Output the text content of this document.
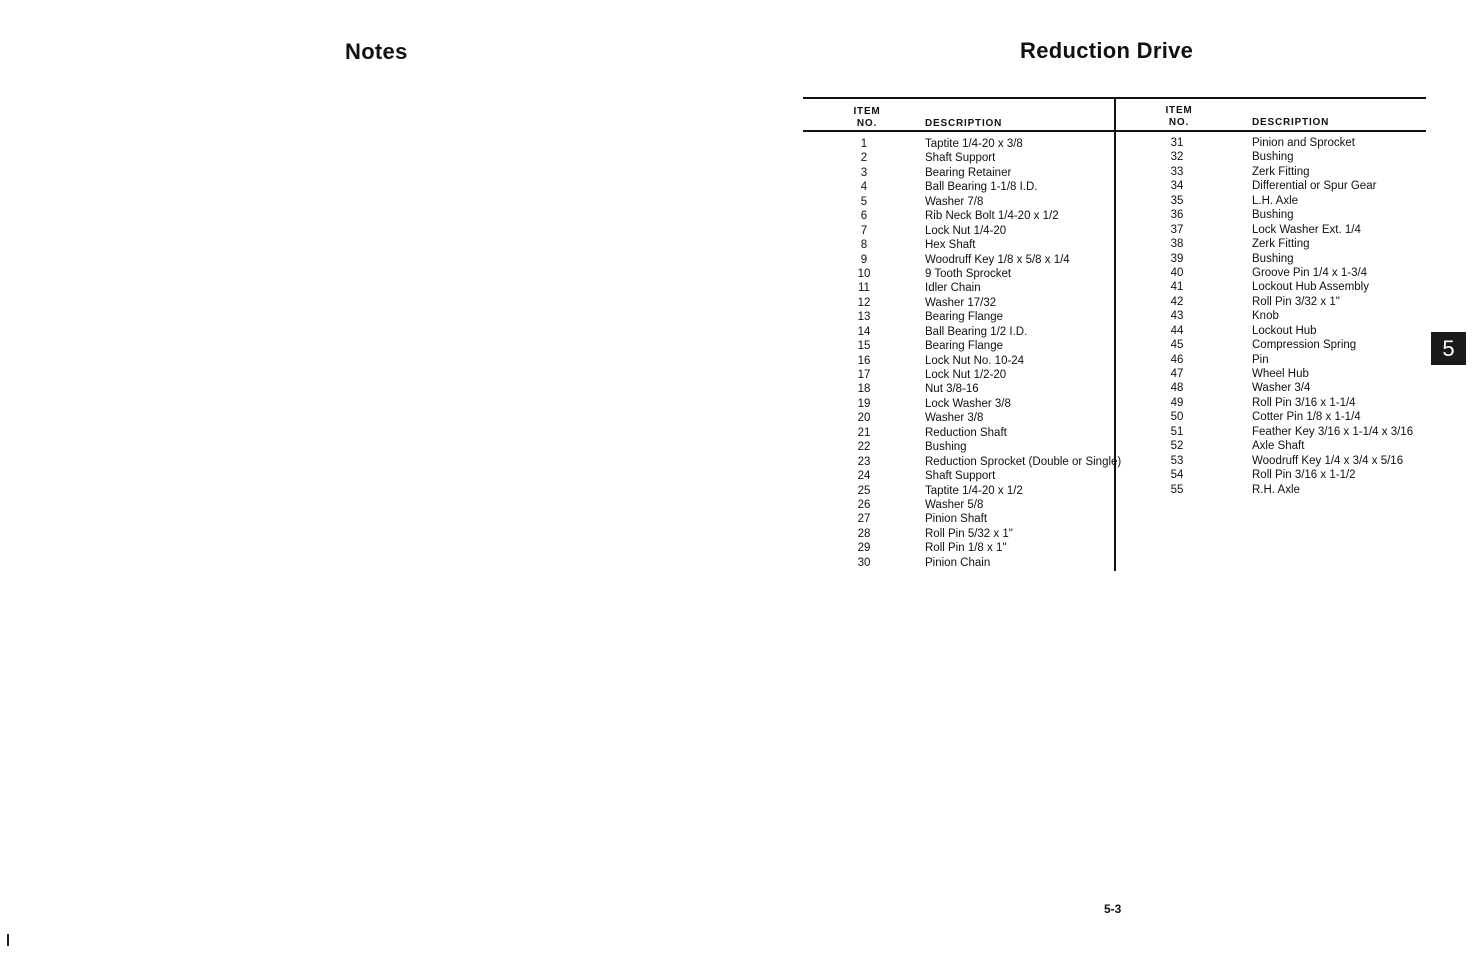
Notes	Reduction Drive
ITEM
NO.	DESCRIPTION
ITEM
NO.	DESCRIPTION
1	Taptite 1/4-20 x 3/8
2	Shaft Support
3	Bearing Retainer
4	Ball Bearing 1-1/8 I.D.
5	Washer 7/8
6	Rib Neck Bolt 1/4-20 x 1/2
7	Lock Nut 1/4-20
8	Hex Shaft
9	Woodruff Key 1/8 x 5/8 x 1/4
10	9 Tooth Sprocket
11	Idler Chain
12	Washer 17/32
13	Bearing Flange
14	Ball Bearing 1/2 I.D.
15	Bearing Flange
16	Lock Nut No. 10-24
17	Lock Nut 1/2-20
18	Nut 3/8-16
19	Lock Washer 3/8
20	Washer 3/8
21	Reduction Shaft
22	Bushing
23	Reduction Sprocket (Double or Single)
24	Shaft Support
25	Taptite 1/4-20 x 1/2
26	Washer 5/8
27	Pinion Shaft
28	Roll Pin 5/32 x 1"
29	Roll Pin 1/8 x 1"
30	Pinion Chain
31	Pinion and Sprocket
32	Bushing
33	Zerk Fitting
34	Differential or Spur Gear
35	L.H. Axle
36	Bushing
37	Lock Washer Ext. 1/4
38	Zerk Fitting
39	Bushing
40	Groove Pin 1/4 x 1-3/4
41	Lockout Hub Assembly
42	Roll Pin 3/32 x 1"
43	Knob
44	Lockout Hub
45	Compression Spring
46	Pin
47	Wheel Hub
48	Washer 3/4
49	Roll Pin 3/16 x 1-1/4
50	Cotter Pin 1/8 x 1-1/4
51	Feather Key 3/16 x 1-1/4 x 3/16
52	Axle Shaft
53	Woodruff Key 1/4 x 3/4 x 5/16
54	Roll Pin 3/16 x 1-1/2
55	R.H. Axle
5
5-3
